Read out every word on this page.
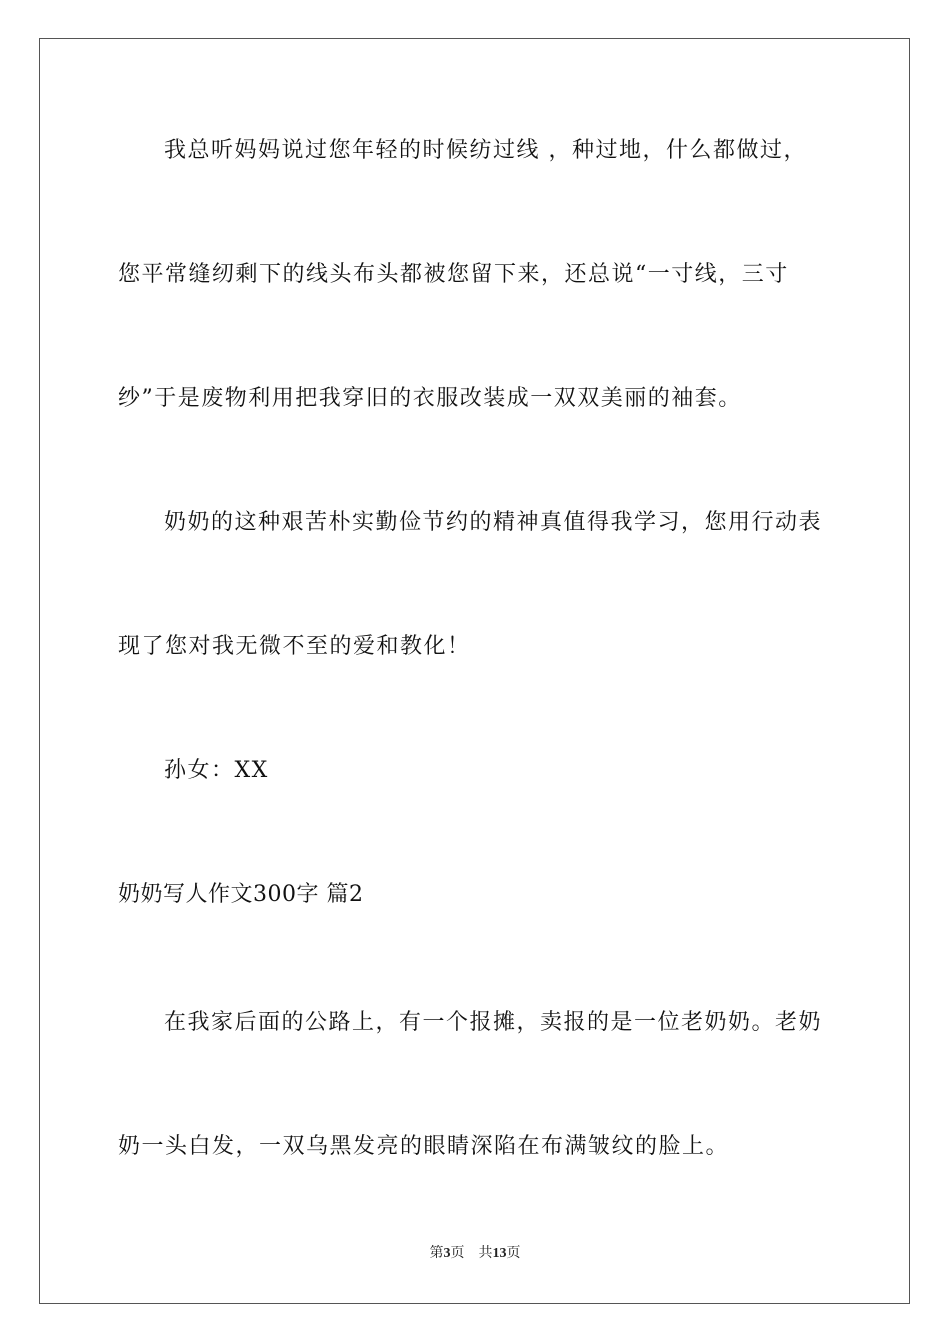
我总听妈妈说过您年轻的时候纺过线 ，种过地，什么都做过，
您平常缝纫剩下的线头布头都被您留下来，还总说“一寸线，三寸
纱”于是废物利用把我穿旧的衣服改装成一双双美丽的袖套。
奶奶的这种艰苦朴实勤俭节约的精神真值得我学习，您用行动表
现了您对我无微不至的爱和教化！
孙女：XX
奶奶写人作文300字 篇2
在我家后面的公路上，有一个报摊，卖报的是一位老奶奶。老奶
奶一头白发，一双乌黑发亮的眼睛深陷在布满皱纹的脸上。
第3页 共13页
